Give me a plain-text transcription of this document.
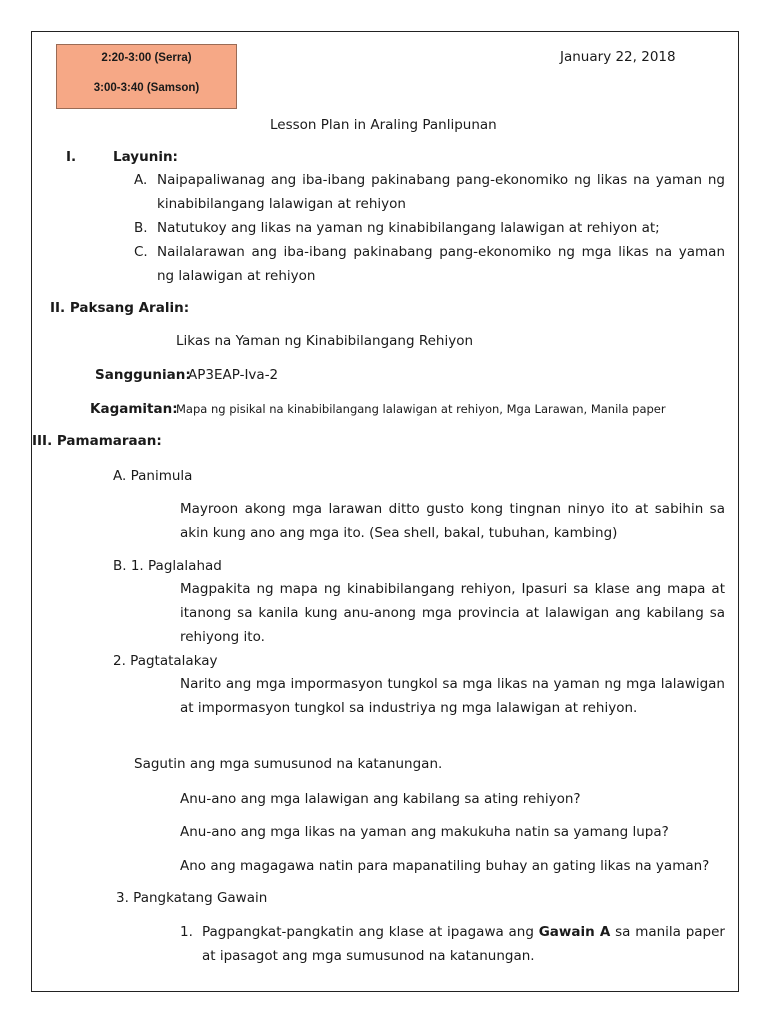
2:20-3:00 (Serra)
3:00-3:40 (Samson)
January 22, 2018
Lesson Plan in Araling Panlipunan
I.	Layunin:
A. Naipapaliwanag ang iba-ibang pakinabang pang-ekonomiko ng likas na yaman ng kinabibilangang lalawigan at rehiyon
B. Natutukoy ang likas na yaman ng kinabibilangang lalawigan at rehiyon at;
C. Nailalarawan ang iba-ibang pakinabang pang-ekonomiko ng mga likas na yaman ng lalawigan at rehiyon
II. Paksang Aralin:
Likas na Yaman ng Kinabibilangang Rehiyon
Sanggunian:
AP3EAP-Iva-2
Kagamitan:
Mapa ng pisikal na kinabibilangang lalawigan at rehiyon, Mga Larawan, Manila paper
III. Pamamaraan:
A. Panimula
Mayroon akong mga larawan ditto gusto kong tingnan ninyo ito at sabihin sa akin kung ano ang mga ito. (Sea shell, bakal, tubuhan, kambing)
B. 1. Paglalahad
Magpakita ng mapa ng kinabibilangang rehiyon, Ipasuri sa klase ang mapa at itanong sa kanila kung anu-anong mga provincia at lalawigan ang kabilang sa rehiyong ito.
2. Pagtatalakay
Narito ang mga impormasyon tungkol sa mga likas na yaman ng mga lalawigan at impormasyon tungkol sa industriya ng mga lalawigan at rehiyon.
Sagutin ang mga sumusunod na katanungan.
Anu-ano ang mga lalawigan ang kabilang sa ating rehiyon?
Anu-ano ang mga likas na yaman ang makukuha natin sa yamang lupa?
Ano ang magagawa natin para mapanatiling buhay an gating likas na yaman?
3. Pangkatang Gawain
1. Pagpangkat-pangkatin ang klase at ipagawa ang Gawain A sa manila paper at ipasagot ang mga sumusunod na katanungan.
